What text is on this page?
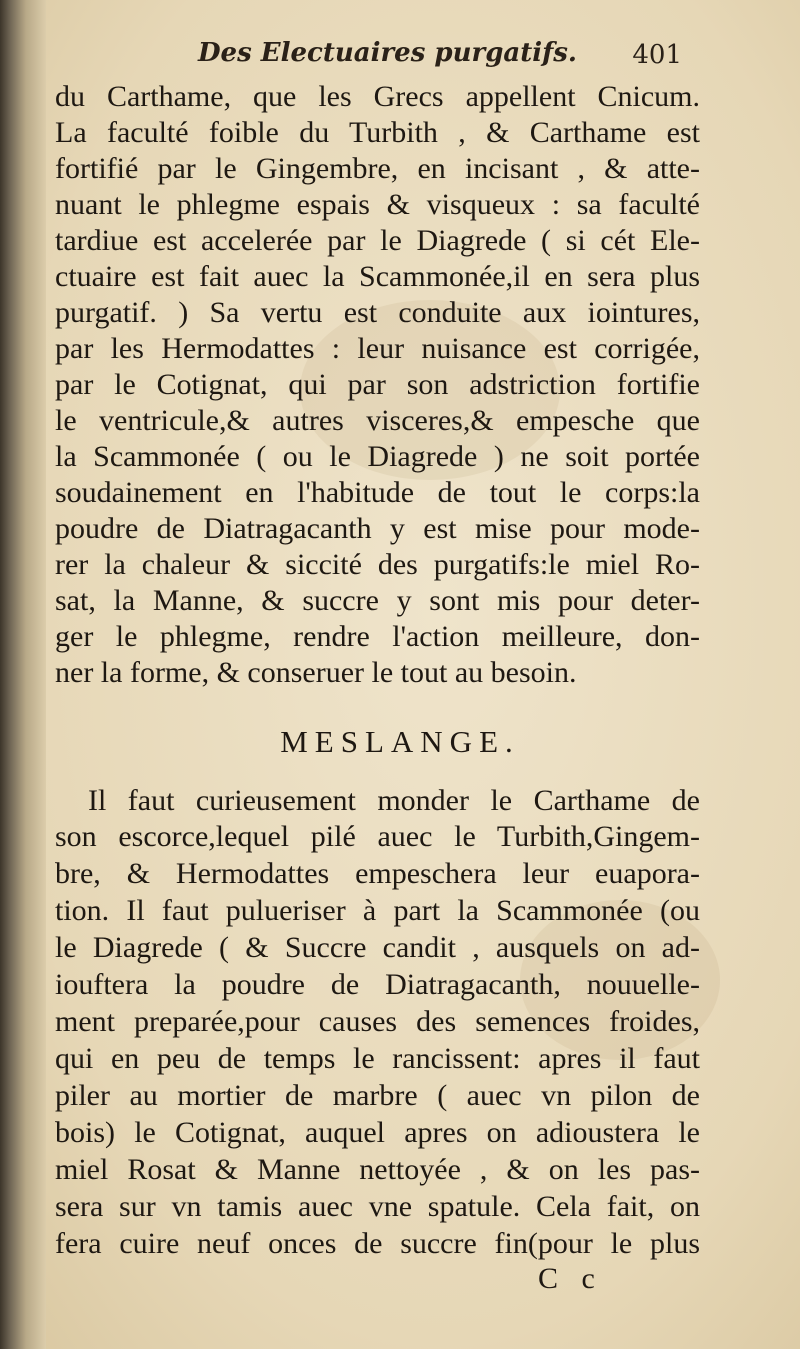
Des Electuaires purgatifs. 401
du Carthame, que les Grecs appellent Cnicum.
La faculté foible du Turbith , & Carthame est
fortifié par le Gingembre, en incisant , & atte-
nuant le phlegme espais & visqueux : sa faculté
tardiue est accelerée par le Diagrede ( si cét Ele-
ctuaire est fait auec la Scammonée,il en sera plus
purgatif. ) Sa vertu est conduite aux iointures,
par les Hermodattes : leur nuisance est corrigée,
par le Cotignat, qui par son adstriction fortifie
le ventricule,& autres visceres,& empesche que
la Scammonée ( ou le Diagrede ) ne soit portée
soudainement en l'habitude de tout le corps:la
poudre de Diatragacanth y est mise pour mode-
rer la chaleur & siccité des purgatifs:le miel Ro-
sat, la Manne, & succre y sont mis pour deter-
ger le phlegme, rendre l'action meilleure, don-
ner la forme, & conseruer le tout au besoin.
MESLANGE.
Il faut curieusement monder le Carthame de
son escorce,lequel pilé auec le Turbith,Gingem-
bre, & Hermodattes empeschera leur euapora-
tion. Il faut pulueriser à part la Scammonée (ou
le Diagrede ( & Succre candit , ausquels on ad-
iouftera la poudre de Diatragacanth, nouuelle-
ment preparée,pour causes des semences froides,
qui en peu de temps le rancissent: apres il faut
piler au mortier de marbre ( auec vn pilon de
bois) le Cotignat, auquel apres on adioustera le
miel Rosat & Manne nettoyée , & on les pas-
sera sur vn tamis auec vne spatule. Cela fait, on
fera cuire neuf onces de succre fin(pour le plus
C c
